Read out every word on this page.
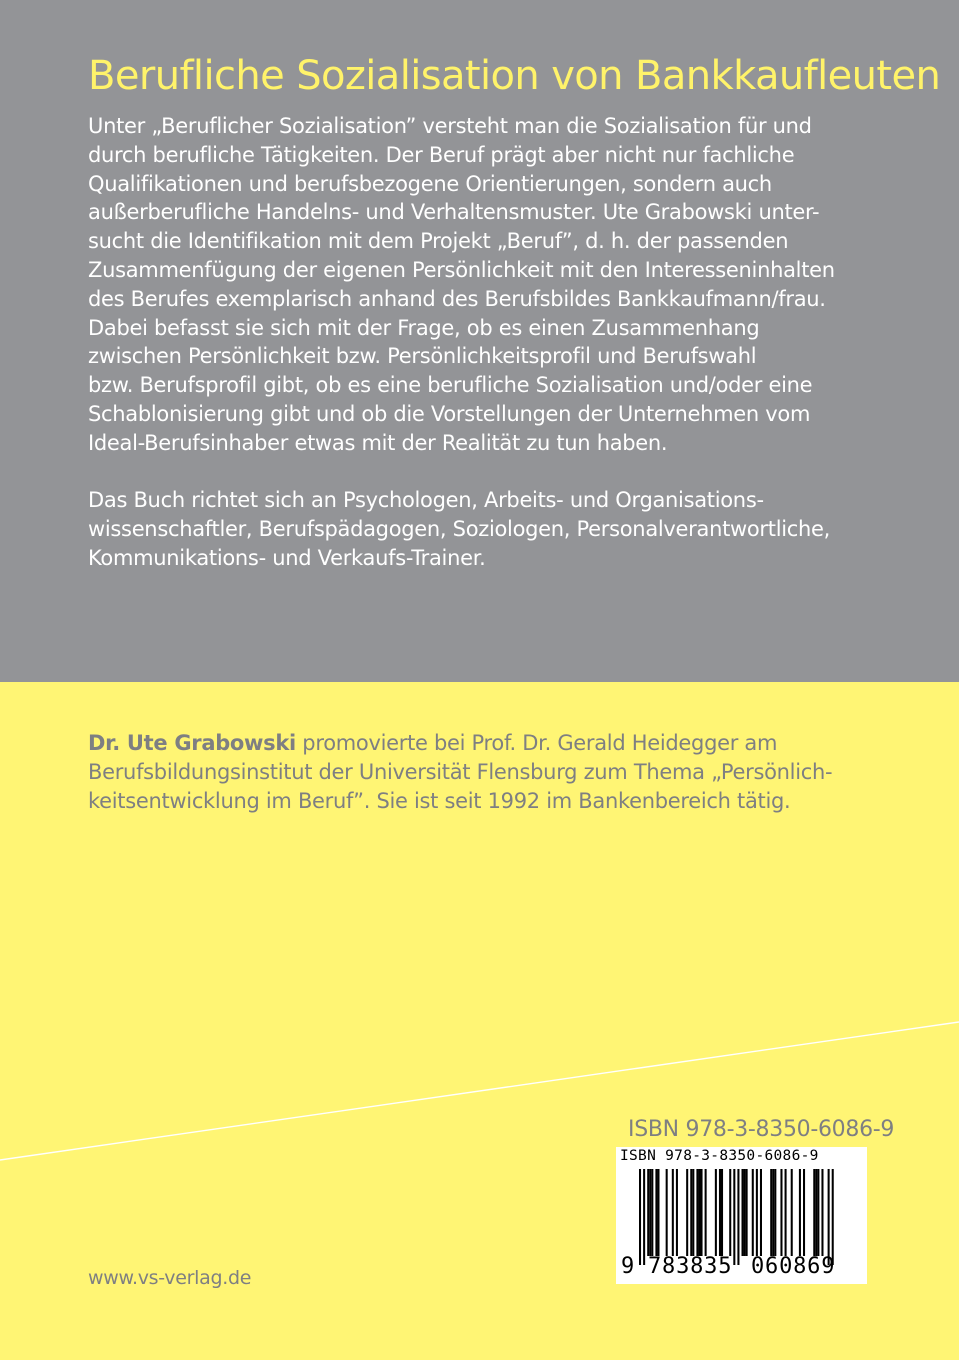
Berufliche Sozialisation von Bankkaufleuten

Unter „Beruflicher Sozialisation” versteht man die Sozialisation für und
durch berufliche Tätigkeiten. Der Beruf prägt aber nicht nur fachliche
Qualifikationen und berufsbezogene Orientierungen, sondern auch
außerberufliche Handelns- und Verhaltensmuster. Ute Grabowski unter-
sucht die Identifikation mit dem Projekt „Beruf”, d. h. der passenden
Zusammenfügung der eigenen Persönlichkeit mit den Interesseninhalten
des Berufes exemplarisch anhand des Berufsbildes Bankkaufmann/frau.
Dabei befasst sie sich mit der Frage, ob es einen Zusammenhang
zwischen Persönlichkeit bzw. Persönlichkeitsprofil und Berufswahl
bzw. Berufsprofil gibt, ob es eine berufliche Sozialisation und/oder eine
Schablonisierung gibt und ob die Vorstellungen der Unternehmen vom
Ideal-Berufsinhaber etwas mit der Realität zu tun haben.

Das Buch richtet sich an Psychologen, Arbeits- und Organisations-
wissenschaftler, Berufspädagogen, Soziologen, Personalverantwortliche,
Kommunikations- und Verkaufs-Trainer.

Dr. Ute Grabowski promovierte bei Prof. Dr. Gerald Heidegger am
Berufsbildungsinstitut der Universität Flensburg zum Thema „Persönlich-
keitsentwicklung im Beruf”. Sie ist seit 1992 im Bankenbereich tätig.

ISBN 978-3-8350-6086-9
ISBN 978-3-8350-6086-9
9 783835 060869
www.vs-verlag.de
